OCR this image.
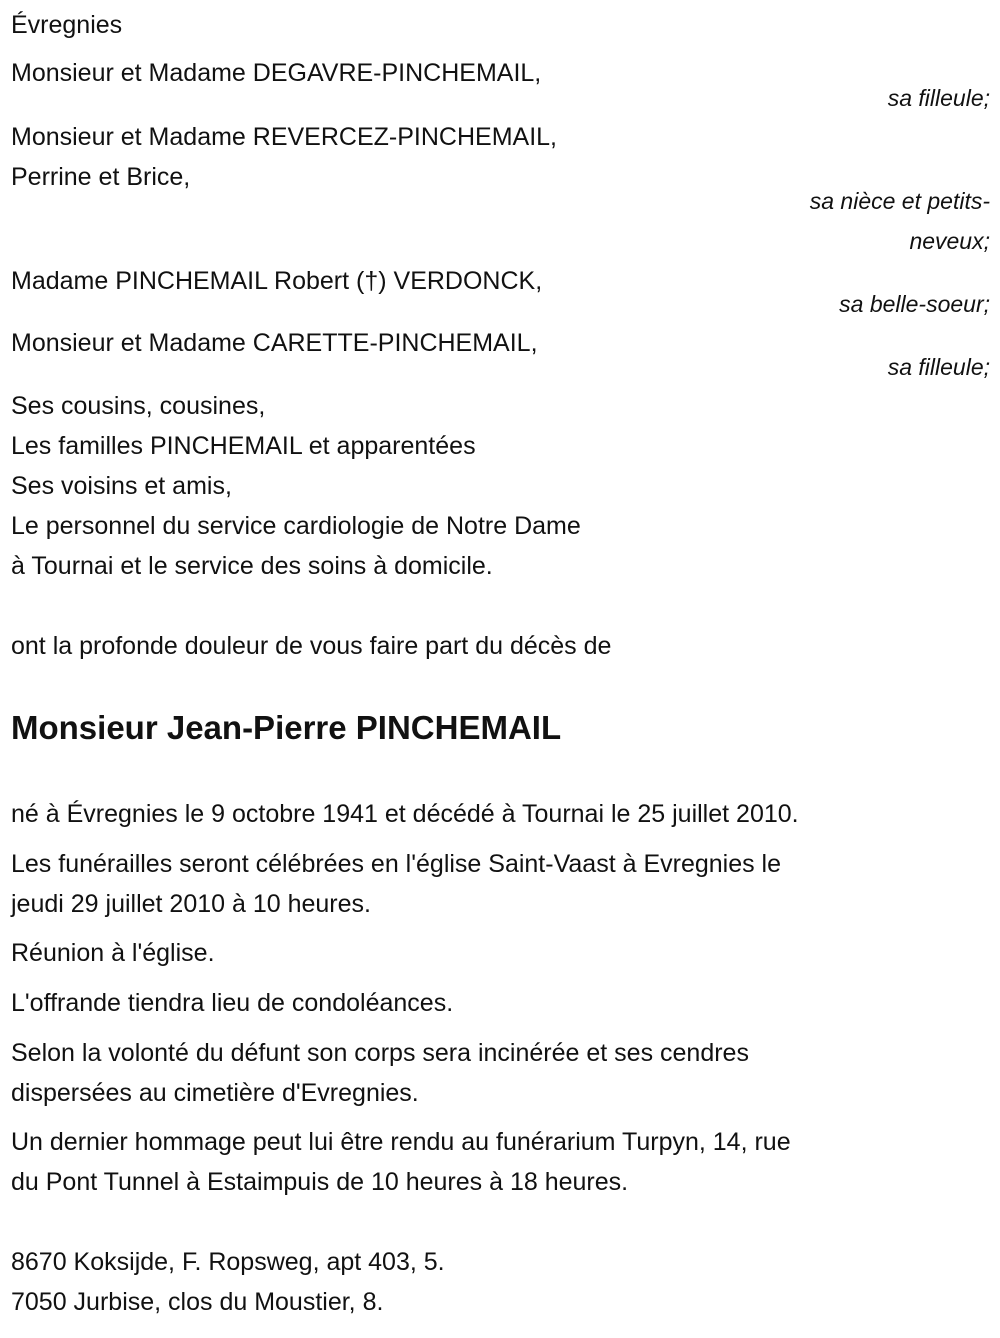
Évregnies
Monsieur et Madame DEGAVRE-PINCHEMAIL,
sa filleule;
Monsieur et Madame REVERCEZ-PINCHEMAIL,
Perrine et Brice,
sa nièce et petits-
neveux;
Madame PINCHEMAIL Robert (†) VERDONCK,
sa belle-soeur;
Monsieur et Madame CARETTE-PINCHEMAIL,
sa filleule;
Ses cousins, cousines,
Les familles PINCHEMAIL et apparentées
Ses voisins et amis,
Le personnel du service cardiologie de Notre Dame
à Tournai et le service des soins à domicile.
ont la profonde douleur de vous faire part du décès de
Monsieur Jean-Pierre PINCHEMAIL
né à Évregnies le 9 octobre 1941 et décédé à Tournai le 25 juillet 2010.
Les funérailles seront célébrées en l'église Saint-Vaast à Evregnies le
jeudi 29 juillet 2010 à 10 heures.
Réunion à l'église.
L'offrande tiendra lieu de condoléances.
Selon la volonté du défunt son corps sera incinérée et ses cendres
dispersées au cimetière d'Evregnies.
Un dernier hommage peut lui être rendu au funérarium Turpyn, 14, rue
du Pont Tunnel à Estaimpuis de 10 heures à 18 heures.
8670 Koksijde, F. Ropsweg, apt 403, 5.
7050 Jurbise, clos du Moustier, 8.
